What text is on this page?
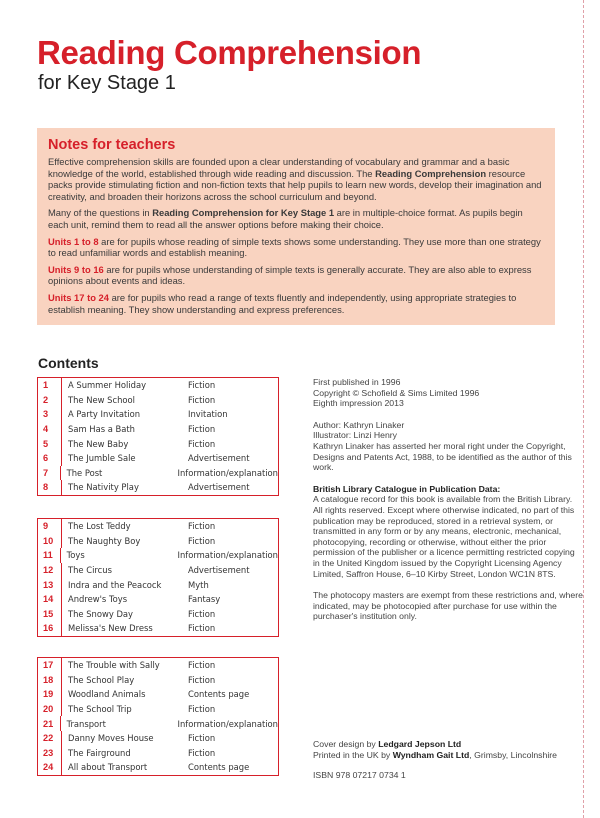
Reading Comprehension
for Key Stage 1
Notes for teachers

Effective comprehension skills are founded upon a clear understanding of vocabulary and grammar and a basic knowledge of the world, established through wide reading and discussion. The Reading Comprehension resource packs provide stimulating fiction and non-fiction texts that help pupils to learn new words, develop their imagination and creativity, and broaden their horizons across the school curriculum and beyond.

Many of the questions in Reading Comprehension for Key Stage 1 are in multiple-choice format. As pupils begin each unit, remind them to read all the answer options before making their choice.

Units 1 to 8 are for pupils whose reading of simple texts shows some understanding. They use more than one strategy to read unfamiliar words and establish meaning.

Units 9 to 16 are for pupils whose understanding of simple texts is generally accurate. They are also able to express opinions about events and ideas.

Units 17 to 24 are for pupils who read a range of texts fluently and independently, using appropriate strategies to establish meaning. They show understanding and express preferences.

Contents
1	A Summer Holiday	Fiction
2	The New School	Fiction
3	A Party Invitation	Invitation
4	Sam Has a Bath	Fiction
5	The New Baby	Fiction
6	The Jumble Sale	Advertisement
7	The Post	Information/explanation
8	The Nativity Play	Advertisement
9	The Lost Teddy	Fiction
10	The Naughty Boy	Fiction
11	Toys	Information/explanation
12	The Circus	Advertisement
13	Indra and the Peacock	Myth
14	Andrew's Toys	Fantasy
15	The Snowy Day	Fiction
16	Melissa's New Dress	Fiction
17	The Trouble with Sally	Fiction
18	The School Play	Fiction
19	Woodland Animals	Contents page
20	The School Trip	Fiction
21	Transport	Information/explanation
22	Danny Moves House	Fiction
23	The Fairground	Fiction
24	All about Transport	Contents page

First published in 1996

Copyright © Schofield & Sims Limited 1996

Eighth impression 2013

Author: Kathryn Linaker

Illustrator: Linzi Henry

Kathryn Linaker has asserted her moral right under the Copyright, Designs and Patents Act, 1988, to be identified as the author of this work.

British Library Catalogue in Publication Data:

A catalogue record for this book is available from the British Library. All rights reserved. Except where otherwise indicated, no part of this publication may be reproduced, stored in a retrieval system, or transmitted in any form or by any means, electronic, mechanical, photocopying, recording or otherwise, without either the prior permission of the publisher or a licence permitting restricted copying in the United Kingdom issued by the Copyright Licensing Agency Limited, Saffron House, 6–10 Kirby Street, London WC1N 8TS.

The photocopy masters are exempt from these restrictions and, where indicated, may be photocopied after purchase for use within the purchaser's institution only.

Cover design by Ledgard Jepson Ltd

Printed in the UK by Wyndham Gait Ltd, Grimsby, Lincolnshire

ISBN 978 07217 0734 1
